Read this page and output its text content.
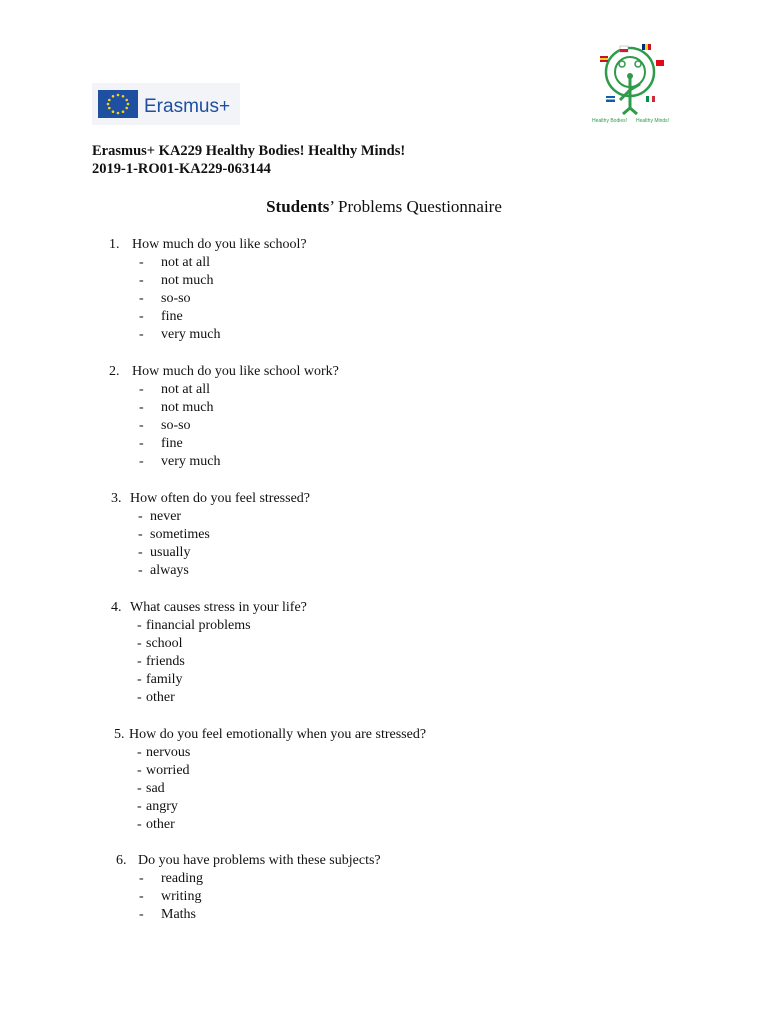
Erasmus+
Healthy Bodies! Healthy Minds!
Erasmus+ KA229 Healthy Bodies! Healthy Minds!
2019-1-RO01-KA229-063144
Students’ Problems Questionnaire
1. How much do you like school?
- not at all
- not much
- so-so
- fine
- very much
2. How much do you like school work?
- not at all
- not much
- so-so
- fine
- very much
3. How often do you feel stressed?
- never
- sometimes
- usually
- always
4. What causes stress in your life?
- financial problems
- school
- friends
- family
- other
5. How do you feel emotionally when you are stressed?
- nervous
- worried
- sad
- angry
- other
6. Do you have problems with these subjects?
- reading
- writing
- Maths
